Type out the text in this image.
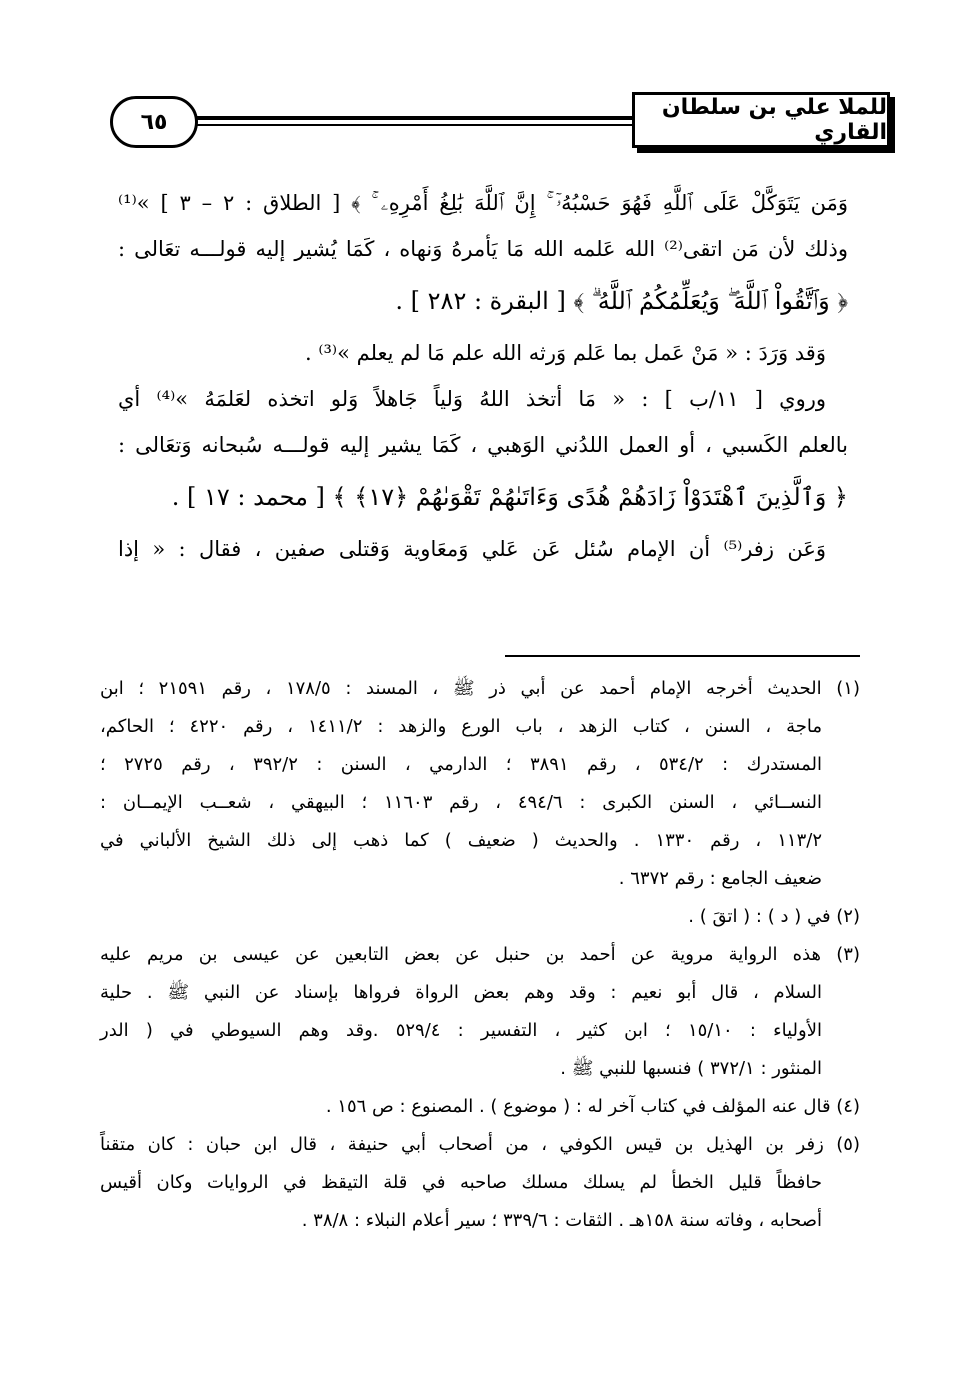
٦٥
للملا علي بن سلطان القاري
وَمَن يَتَوَكَّلْ عَلَى ٱللَّهِ فَهُوَ حَسْبُهُۥٓ ۚ إِنَّ ٱللَّهَ بَٰلِغُ أَمْرِهِۦ ۚ ﴾ [ الطلاق : ٢ – ٣ ] »⁽¹⁾
وذلك لأن مَن اتقى⁽²⁾ الله عَلمه الله مَا يَأمرهُ وَنهاه ، كَمَا يُشير إليه قولـــه تعَالى :
﴿ وَٱتَّقُواْ ٱللَّهَ ۖ وَيُعَلِّمُكُمُ ٱللَّهُ ۗ ﴾ [ البقرة : ٢٨٢ ] .
وَقد وَرَدَ : « مَنْ عَمل بما عَلم وَرثه الله علم مَا لم يعلم »⁽³⁾ .
وروي [ ١١/ب ] : « مَا أتخذ اللهُ وَلياً جَاهلاً وَلو اتخذه لعَلمَهُ »⁽⁴⁾ أي
بالعلم الكَسبي ، أو العمل اللدُني الوَهبي ، كَمَا يشير إليه قولـــه سُبحانه وَتعَالى :
﴿ وَٱلَّذِينَ ٱهْتَدَوْاْ زَادَهُمْ هُدًى وَءَاتَىٰهُمْ تَقْوَىٰهُمْ ﴿١٧﴾ ﴾ [ محمد : ١٧ ] .
وَعَن زفر⁽⁵⁾ أن الإمام سُئل عَن عَلي وَمعَاوية وَقتلى صفين ، فقال : « إذا
(١) الحديث أخرجه الإمام أحمد عن أبي ذر ﷺ ، المسند : ١٧٨/٥ ، رقم ٢١٥٩١ ؛ ابن
ماجة ، السنن ، كتاب الزهد ، باب الورع والزهد : ١٤١١/٢ ، رقم ٤٢٢٠ ؛ الحاكم،
المستدرك : ٥٣٤/٢ ، رقم ٣٨٩١ ؛ الدارمي ، السنن : ٣٩٢/٢ ، رقم ٢٧٢٥ ؛
النســائي ، السنن الكبرى : ٤٩٤/٦ ، رقم ١١٦٠٣ ؛ البيهقي ، شعــب الإيمــان :
١١٣/٢ ، رقم ١٣٣٠ . والحديث ( ضعيف ) كما ذهب إلى ذلك الشيخ الألباني في
ضعيف الجامع : رقم ٦٣٧٢ .
(٢) في ( د ) : ( اتقَ ) .
(٣) هذه الرواية مروية عن أحمد بن حنبل عن بعض التابعين عن عيسى بن مريم عليه
السلام ، قال أبو نعيم : وقد وهم بعض الرواة فرواها بإسناد عن النبي ﷺ . حلية
الأولياء : ١٥/١٠ ؛ ابن كثير ، التفسير : ٥٢٩/٤ .وقد وهم السيوطي في ( الدر
المنثور : ٣٧٢/١ ) فنسبها للنبي ﷺ .
(٤) قال عنه المؤلف في كتاب آخر له : ( موضوع ) . المصنوع : ص ١٥٦ .
(٥) زفر بن الهذيل بن قيس الكوفي ، من أصحاب أبي حنيفة ، قال ابن حبان : كان متقناً
حافظاً قليل الخطأ لم يسلك مسلك صاحبه في قلة التيقظ في الروايات وكان أقيس
أصحابه ، وفاته سنة ١٥٨هـ . الثقات : ٣٣٩/٦ ؛ سير أعلام النبلاء : ٣٨/٨ .
